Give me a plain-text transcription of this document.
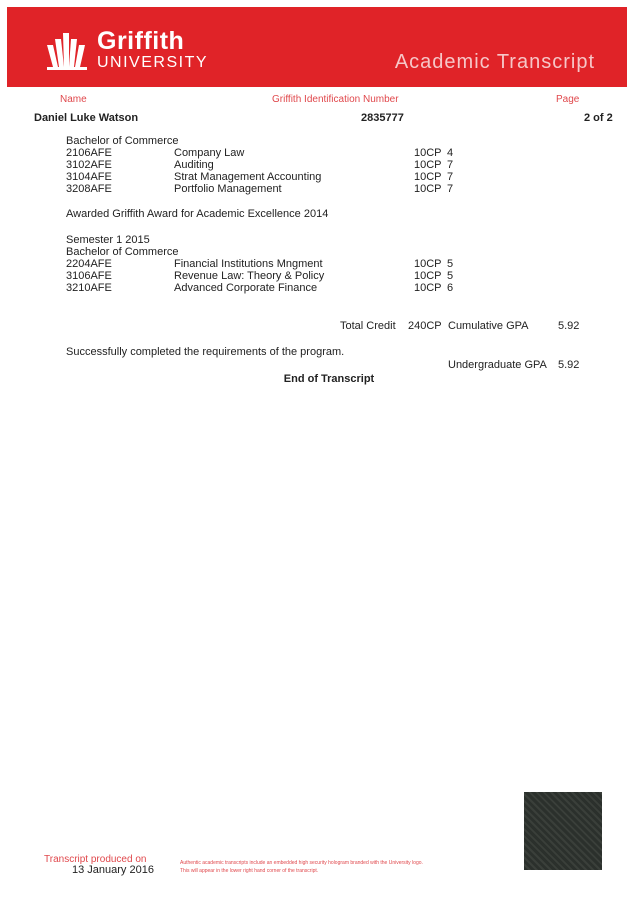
Griffith
UNIVERSITY	Academic Transcript
Name	Griffith Identification Number	Page
Daniel Luke Watson	2835777	2 of 2
Bachelor of Commerce
2106AFE	Company Law	10CP 4
3102AFE	Auditing	10CP 7
3104AFE	Strat Management Accounting	10CP 7
3208AFE	Portfolio Management	10CP 7
Awarded Griffith Award for Academic Excellence 2014
Semester 1 2015
Bachelor of Commerce
2204AFE	Financial Institutions Mngment	10CP 5
3106AFE	Revenue Law: Theory & Policy	10CP 5
3210AFE	Advanced Corporate Finance	10CP 6
Total Credit 240CP Cumulative GPA	5.92
Successfully completed the requirements of the program.
Undergraduate GPA 5.92
End of Transcript
Transcript produced on
13 January 2016
Authentic academic transcripts include an embedded high security hologram branded with the University logo.
This will appear in the lower right hand corner of the transcript.
